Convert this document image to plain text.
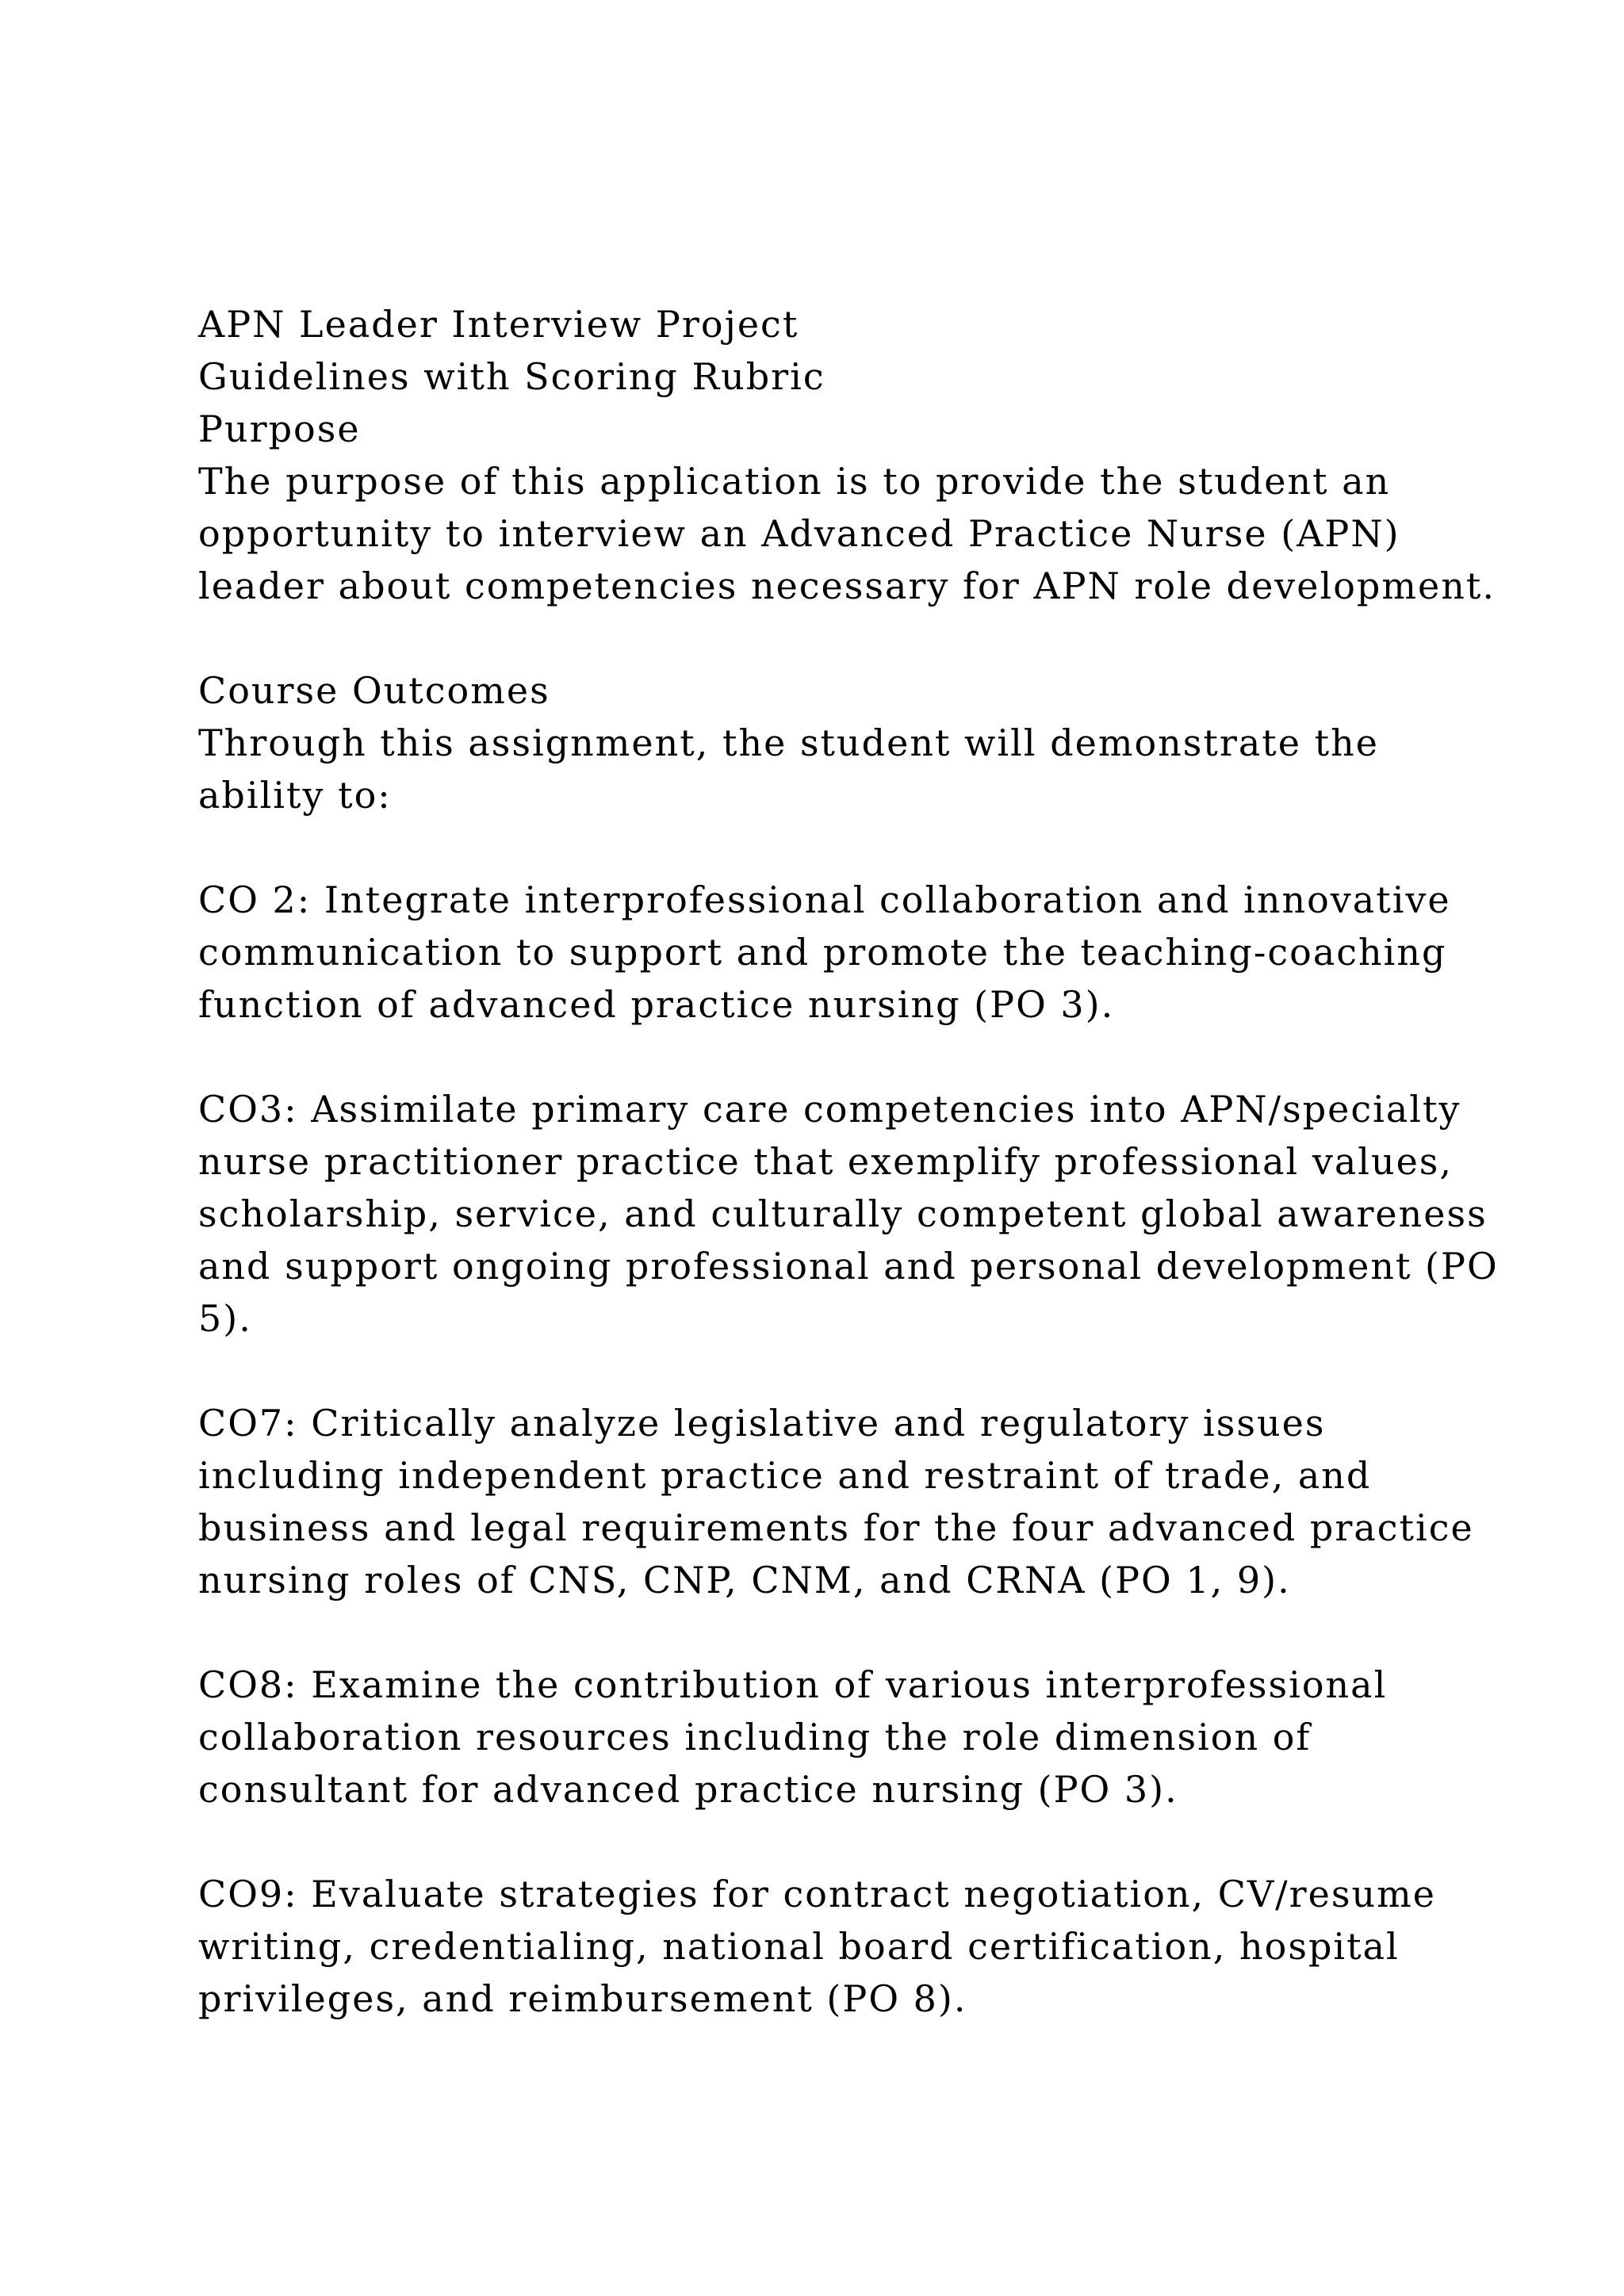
APN Leader Interview Project
Guidelines with Scoring Rubric
Purpose
The purpose of this application is to provide the student an
opportunity to interview an Advanced Practice Nurse (APN)
leader about competencies necessary for APN role development.
Course Outcomes
Through this assignment, the student will demonstrate the
ability to:
CO 2: Integrate interprofessional collaboration and innovative
communication to support and promote the teaching-coaching
function of advanced practice nursing (PO 3).
CO3: Assimilate primary care competencies into APN/specialty
nurse practitioner practice that exemplify professional values,
scholarship, service, and culturally competent global awareness
and support ongoing professional and personal development (PO
5).
CO7: Critically analyze legislative and regulatory issues
including independent practice and restraint of trade, and
business and legal requirements for the four advanced practice
nursing roles of CNS, CNP, CNM, and CRNA (PO 1, 9).
CO8: Examine the contribution of various interprofessional
collaboration resources including the role dimension of
consultant for advanced practice nursing (PO 3).
CO9: Evaluate strategies for contract negotiation, CV/resume
writing, credentialing, national board certification, hospital
privileges, and reimbursement (PO 8).
